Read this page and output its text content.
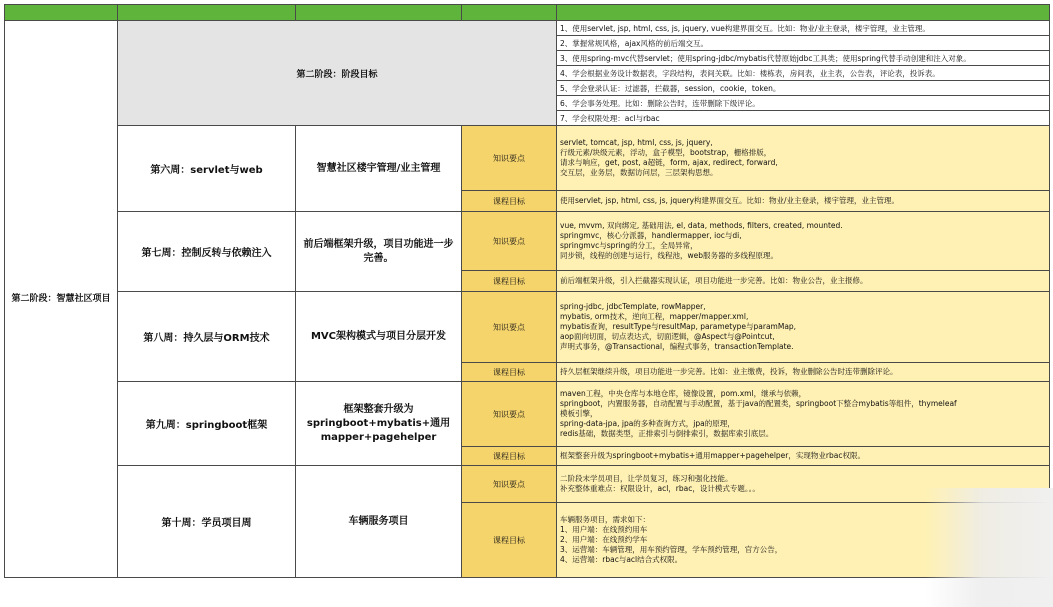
第二阶段：智慧社区项目	第二阶段：阶段目标			1、使用servlet, jsp, html, css, js, jquery, vue构建界面交互。比如：物业/业主登录，楼宇管理，业主管理。
				2、掌握常规风格，ajax风格的前后端交互。
				3、使用spring-mvc代替servlet；使用spring-jdbc/mybatis代替原始jdbc工具类；使用spring代替手动创建和注入对象。
				4、学会根据业务设计数据表，字段结构，表间关联。比如：楼栋表，房间表，业主表，公告表，评论表，投诉表。
				5、学会登录认证：过滤器，拦截器，session，cookie，token。
				6、学会事务处理。比如：删除公告时，连带删除下级评论。
				7、学会权限处理：acl与rbac
	第六周：servlet与web	智慧社区楼宇管理/业主管理	知识要点	servlet, tomcat, jsp, html, css, js, jquery,
行级元素/块级元素，浮动，盒子模型，bootstrap，栅格排版，
请求与响应，get, post, a超链，form, ajax, redirect, forward,
交互层，业务层，数据访问层，三层架构思想。

			课程目标	使用servlet, jsp, html, css, js, jquery构建界面交互。比如：物业/业主登录，楼宇管理，业主管理。

	第七周：控制反转与依赖注入	前后端框架升级，项目功能进一步完善。	知识要点	vue, mvvm, 双向绑定, 基础用法, el, data, methods, filters, created, mounted.
springmvc，核心分派器，handlermapper, ioc与di,
springmvc与spring的分工，全局异常，
同步锁，线程的创建与运行，线程池，web服务器的多线程原理。

			课程目标	前后端框架升级，引入拦截器实现认证，项目功能进一步完善。比如：物业公告，业主报修。

	第八周：持久层与ORM技术	MVC架构模式与项目分层开发	知识要点	spring-jdbc, jdbcTemplate, rowMapper,
mybatis, orm技术，逆向工程，mapper/mapper.xml,
mybatis查询，resultType与resultMap, parametype与paramMap,
aop面向切面，切点表达式，切面逻辑，@Aspect与@Pointcut,
声明式事务，@Transactional，编程式事务，transactionTemplate.

			课程目标	持久层框架继续升级，项目功能进一步完善。比如：业主缴费，投诉，物业删除公告时连带删除评论。

	第九周：springboot框架	框架整套升级为springboot+mybatis+通用mapper+pagehelper	知识要点	maven工程，中央仓库与本地仓库，镜像设置，pom.xml，继承与依赖，
springboot，内置服务器，自动配置与手动配置，基于java的配置类，springboot下整合mybatis等组件，thymeleaf
模板引擎，
spring-data-jpa, jpa的多种查询方式，jpa的原理，
redis基础，数据类型，正排索引与倒排索引，数据库索引底层。

			课程目标	框架整套升级为springboot+mybatis+通用mapper+pagehelper，实现物业rbac权限。

	第十周：学员项目周	车辆服务项目	知识要点	二阶段末学员项目，让学员复习，练习和强化技能。
补充整体重难点：权限设计，acl，rbac，设计模式专题。。。

			课程目标	车辆服务项目，需求如下：
1、用户端：在线预约用车
2、用户端：在线预约学车
3、运营端：车辆管理，用车预约管理，学车预约管理，官方公告，
4、运营端：rbac与acl结合式权限。
